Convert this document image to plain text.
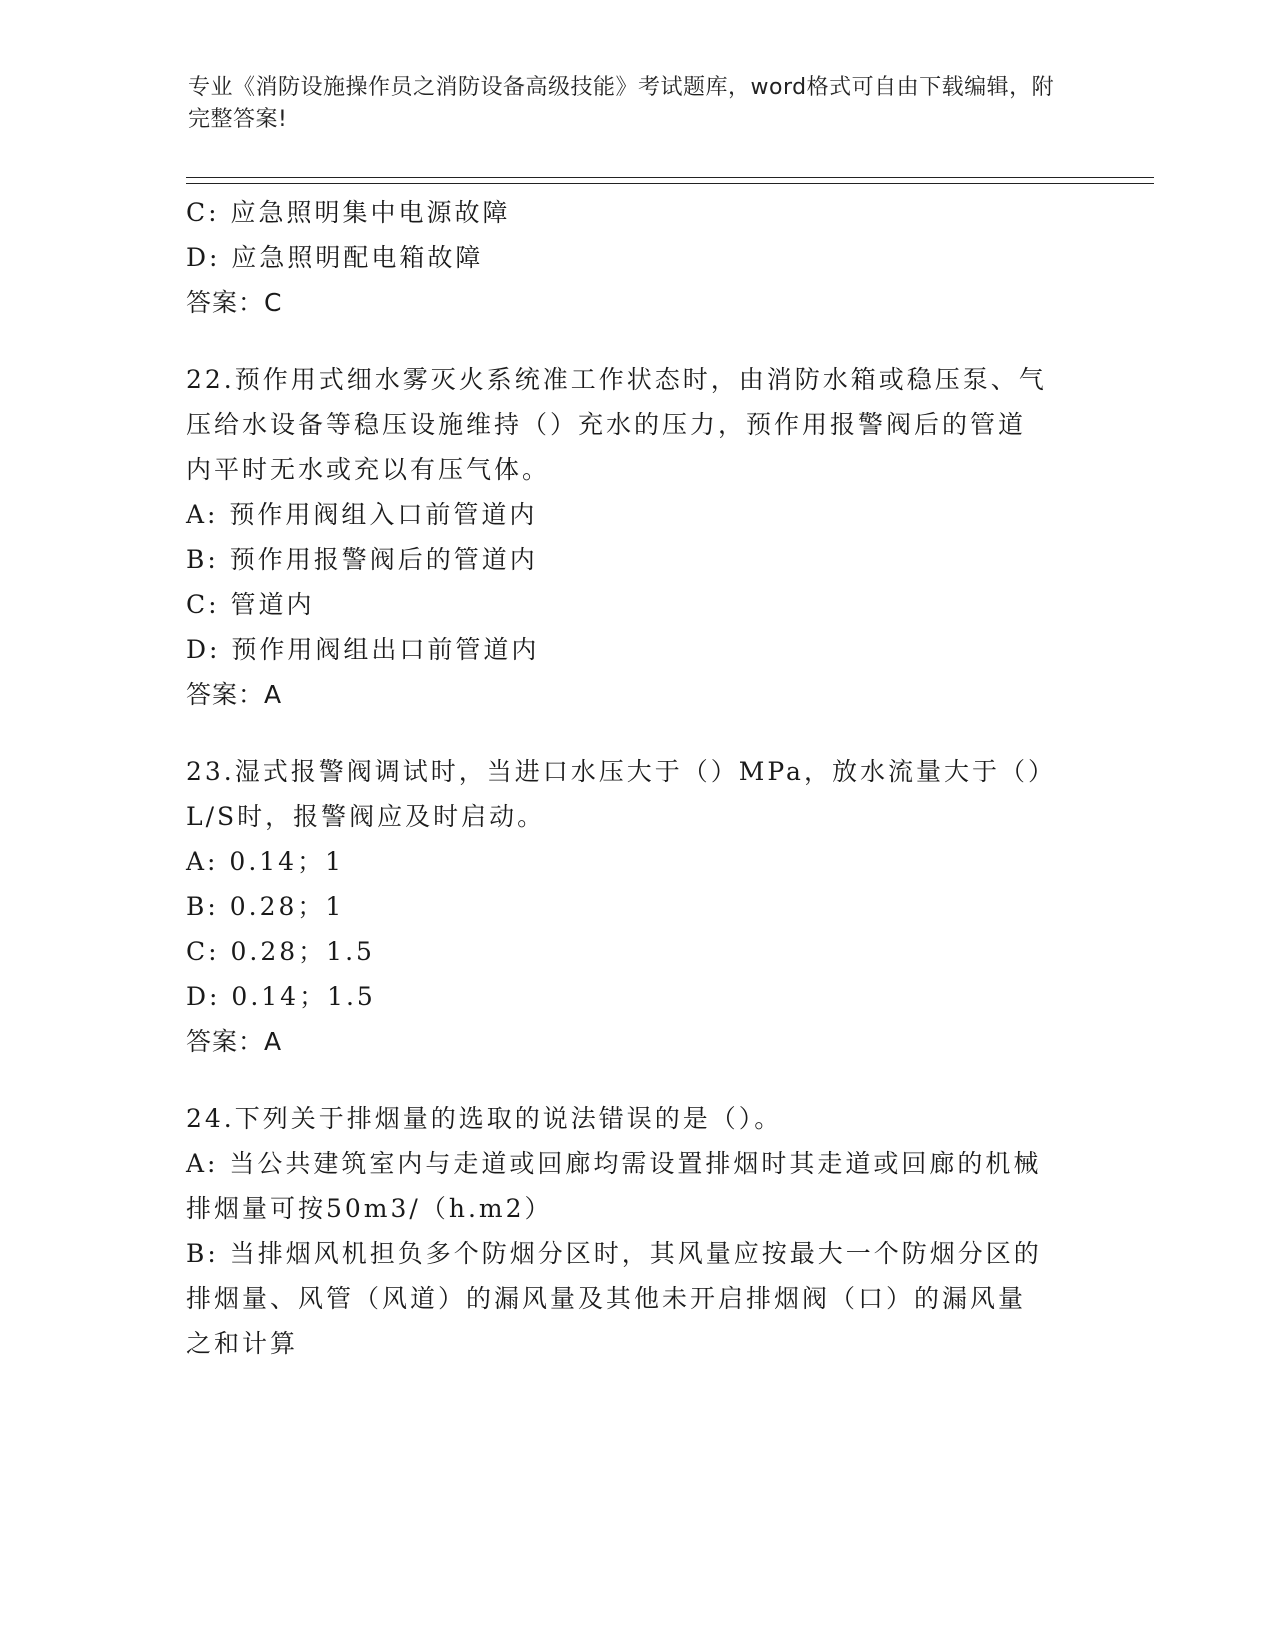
专业《消防设施操作员之消防设备高级技能》考试题库，word格式可自由下载编辑，附完整答案!

C: 应急照明集中电源故障

D: 应急照明配电箱故障

答案：C

22.预作用式细水雾灭火系统准工作状态时，由消防水箱或稳压泵、气

压给水设备等稳压设施维持（）充水的压力，预作用报警阀后的管道

内平时无水或充以有压气体。

A: 预作用阀组入口前管道内

B: 预作用报警阀后的管道内

C: 管道内

D: 预作用阀组出口前管道内

答案：A

23.湿式报警阀调试时，当进口水压大于（）MPa，放水流量大于（）

L/S时，报警阀应及时启动。

A: 0.14；1

B: 0.28；1

C: 0.28；1.5

D: 0.14；1.5

答案：A

24.下列关于排烟量的选取的说法错误的是（）。

A: 当公共建筑室内与走道或回廊均需设置排烟时其走道或回廊的机械

排烟量可按50m3/（h.m2）

B: 当排烟风机担负多个防烟分区时，其风量应按最大一个防烟分区的

排烟量、风管（风道）的漏风量及其他未开启排烟阀（口）的漏风量

之和计算
